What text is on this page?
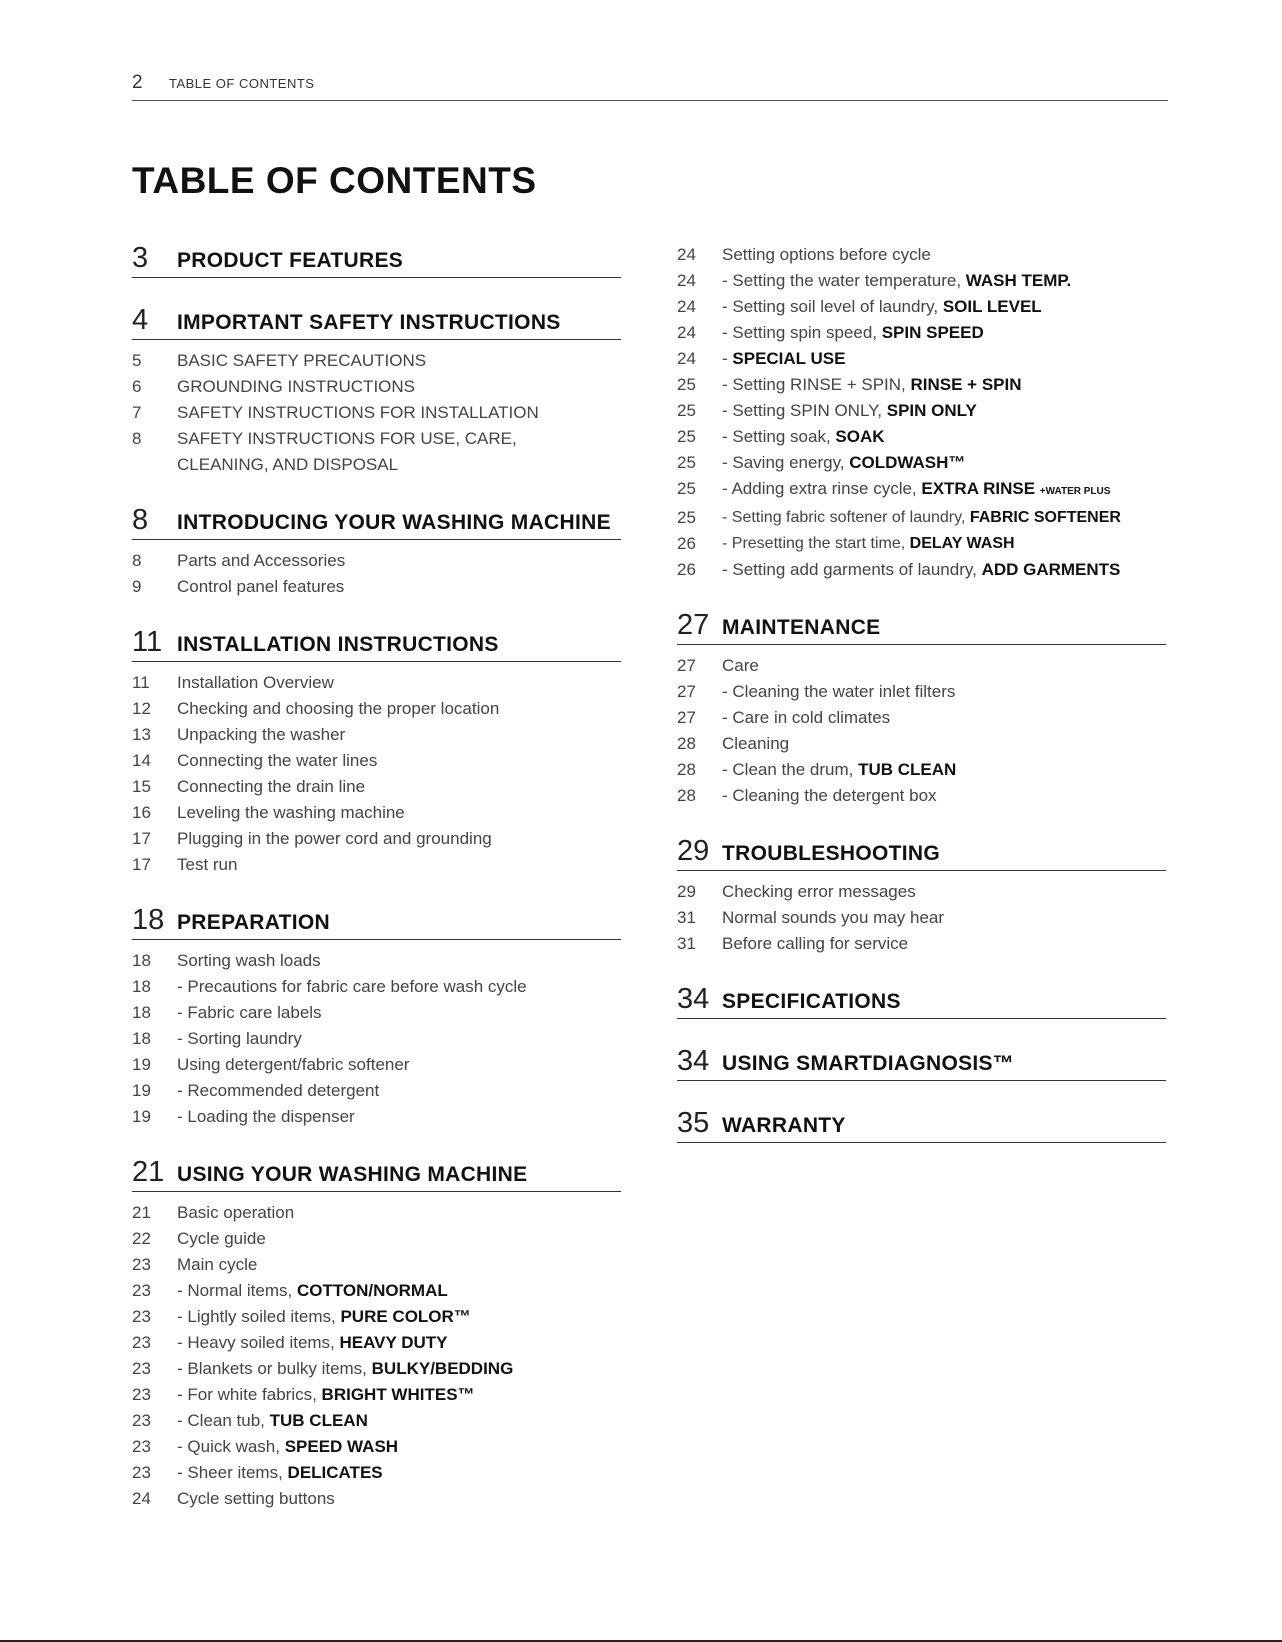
2 TABLE OF CONTENTS
TABLE OF CONTENTS
3	PRODUCT FEATURES
4	IMPORTANT SAFETY INSTRUCTIONS
5	BASIC SAFETY PRECAUTIONS
6	GROUNDING INSTRUCTIONS
7	SAFETY INSTRUCTIONS FOR INSTALLATION
8	SAFETY INSTRUCTIONS FOR USE, CARE,
CLEANING, AND DISPOSAL
8	INTRODUCING YOUR WASHING MACHINE
8	Parts and Accessories
9	Control panel features
11 INSTALLATION INSTRUCTIONS
11	Installation Overview
12	Checking and choosing the proper location
13	Unpacking the washer
14	Connecting the water lines
15	Connecting the drain line
16	Leveling the washing machine
17	Plugging in the power cord and grounding
17	Test run
18 PREPARATION
18	Sorting wash loads
18	- Precautions for fabric care before wash cycle
18	- Fabric care labels
18	- Sorting laundry
19	Using detergent/fabric softener
19	- Recommended detergent
19	- Loading the dispenser
21 USING YOUR WASHING MACHINE
21	Basic operation
22	Cycle guide
23	Main cycle
23	- Normal items, COTTON/NORMAL
23	- Lightly soiled items, PURE COLOR™
23	- Heavy soiled items, HEAVY DUTY
23	- Blankets or bulky items, BULKY/BEDDING
23	- For white fabrics, BRIGHT WHITES™
23	- Clean tub, TUB CLEAN
23	- Quick wash, SPEED WASH
23	- Sheer items, DELICATES
24	Cycle setting buttons
24	Setting options before cycle
24	- Setting the water temperature, WASH TEMP.
24	- Setting soil level of laundry, SOIL LEVEL
24	- Setting spin speed, SPIN SPEED
24	- SPECIAL USE
25	- Setting RINSE + SPIN, RINSE + SPIN
25	- Setting SPIN ONLY, SPIN ONLY
25	- Setting soak, SOAK
25	- Saving energy, COLDWASH™
25	- Adding extra rinse cycle, EXTRA RINSE +WATER PLUS
25	- Setting fabric softener of laundry, FABRIC SOFTENER
26	- Presetting the start time, DELAY WASH
26	- Setting add garments of laundry, ADD GARMENTS
27 MAINTENANCE
27	Care
27	- Cleaning the water inlet filters
27	- Care in cold climates
28	Cleaning
28	- Clean the drum, TUB CLEAN
28	- Cleaning the detergent box
29 TROUBLESHOOTING
29	Checking error messages
31	Normal sounds you may hear
31	Before calling for service
34 SPECIFICATIONS
34 USING SMARTDIAGNOSIS™
35 WARRANTY
